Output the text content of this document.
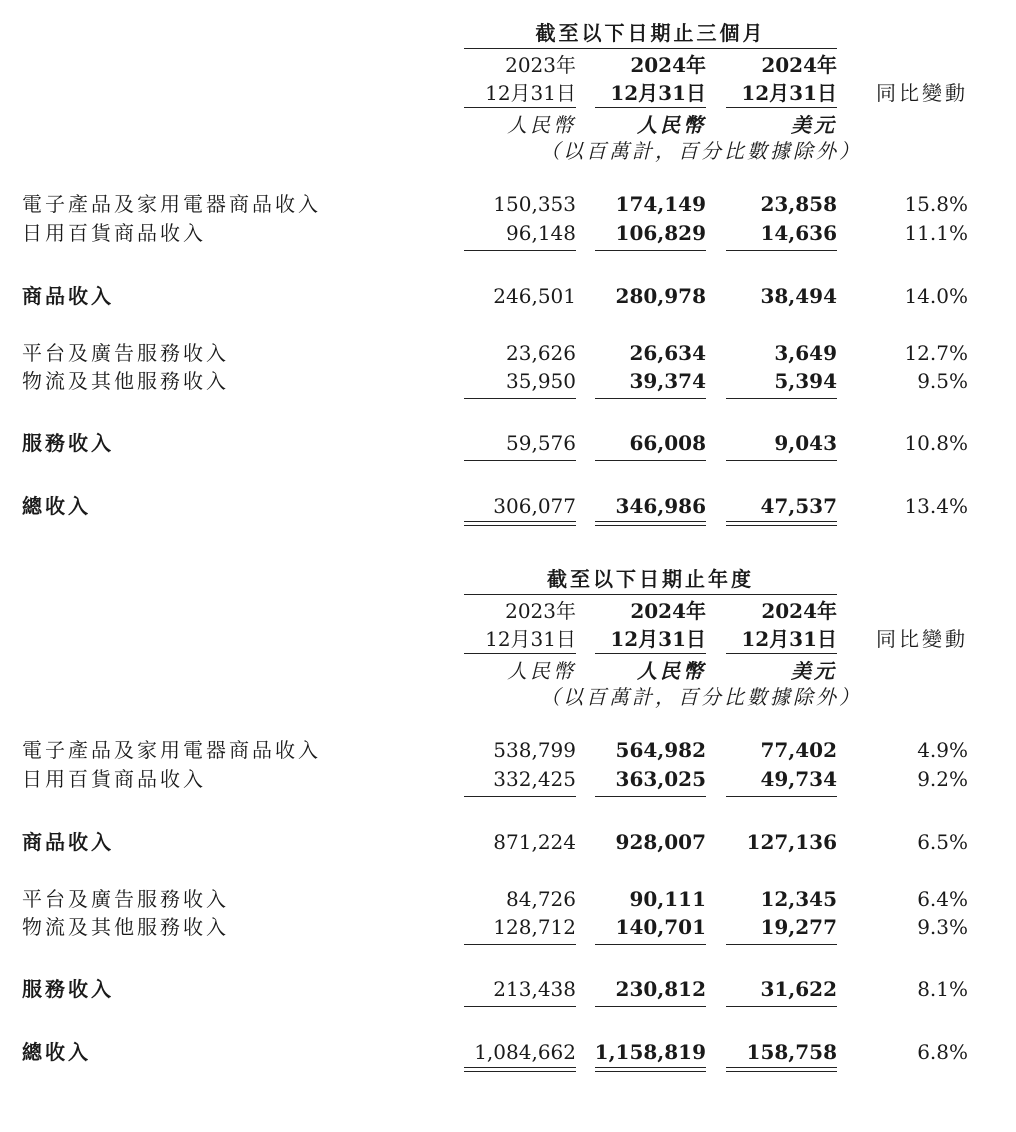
截至以下日期止三個月
2023年	2024年	2024年
12月31日	12月31日	12月31日	同比變動
人民幣	人民幣	美元
（以百萬計，百分比數據除外）
電子產品及家用電器商品收入	150,353	174,149	23,858	15.8%
日用百貨商品收入	96,148	106,829	14,636	11.1%
商品收入	246,501	280,978	38,494	14.0%
平台及廣告服務收入	23,626	26,634	3,649	12.7%
物流及其他服務收入	35,950	39,374	5,394	9.5%
服務收入	59,576	66,008	9,043	10.8%
總收入	306,077	346,986	47,537	13.4%
截至以下日期止年度
2023年	2024年	2024年
12月31日	12月31日	12月31日	同比變動
人民幣	人民幣	美元
（以百萬計，百分比數據除外）
電子產品及家用電器商品收入	538,799	564,982	77,402	4.9%
日用百貨商品收入	332,425	363,025	49,734	9.2%
商品收入	871,224	928,007	127,136	6.5%
平台及廣告服務收入	84,726	90,111	12,345	6.4%
物流及其他服務收入	128,712	140,701	19,277	9.3%
服務收入	213,438	230,812	31,622	8.1%
總收入	1,084,662 1,158,819	158,758	6.8%
